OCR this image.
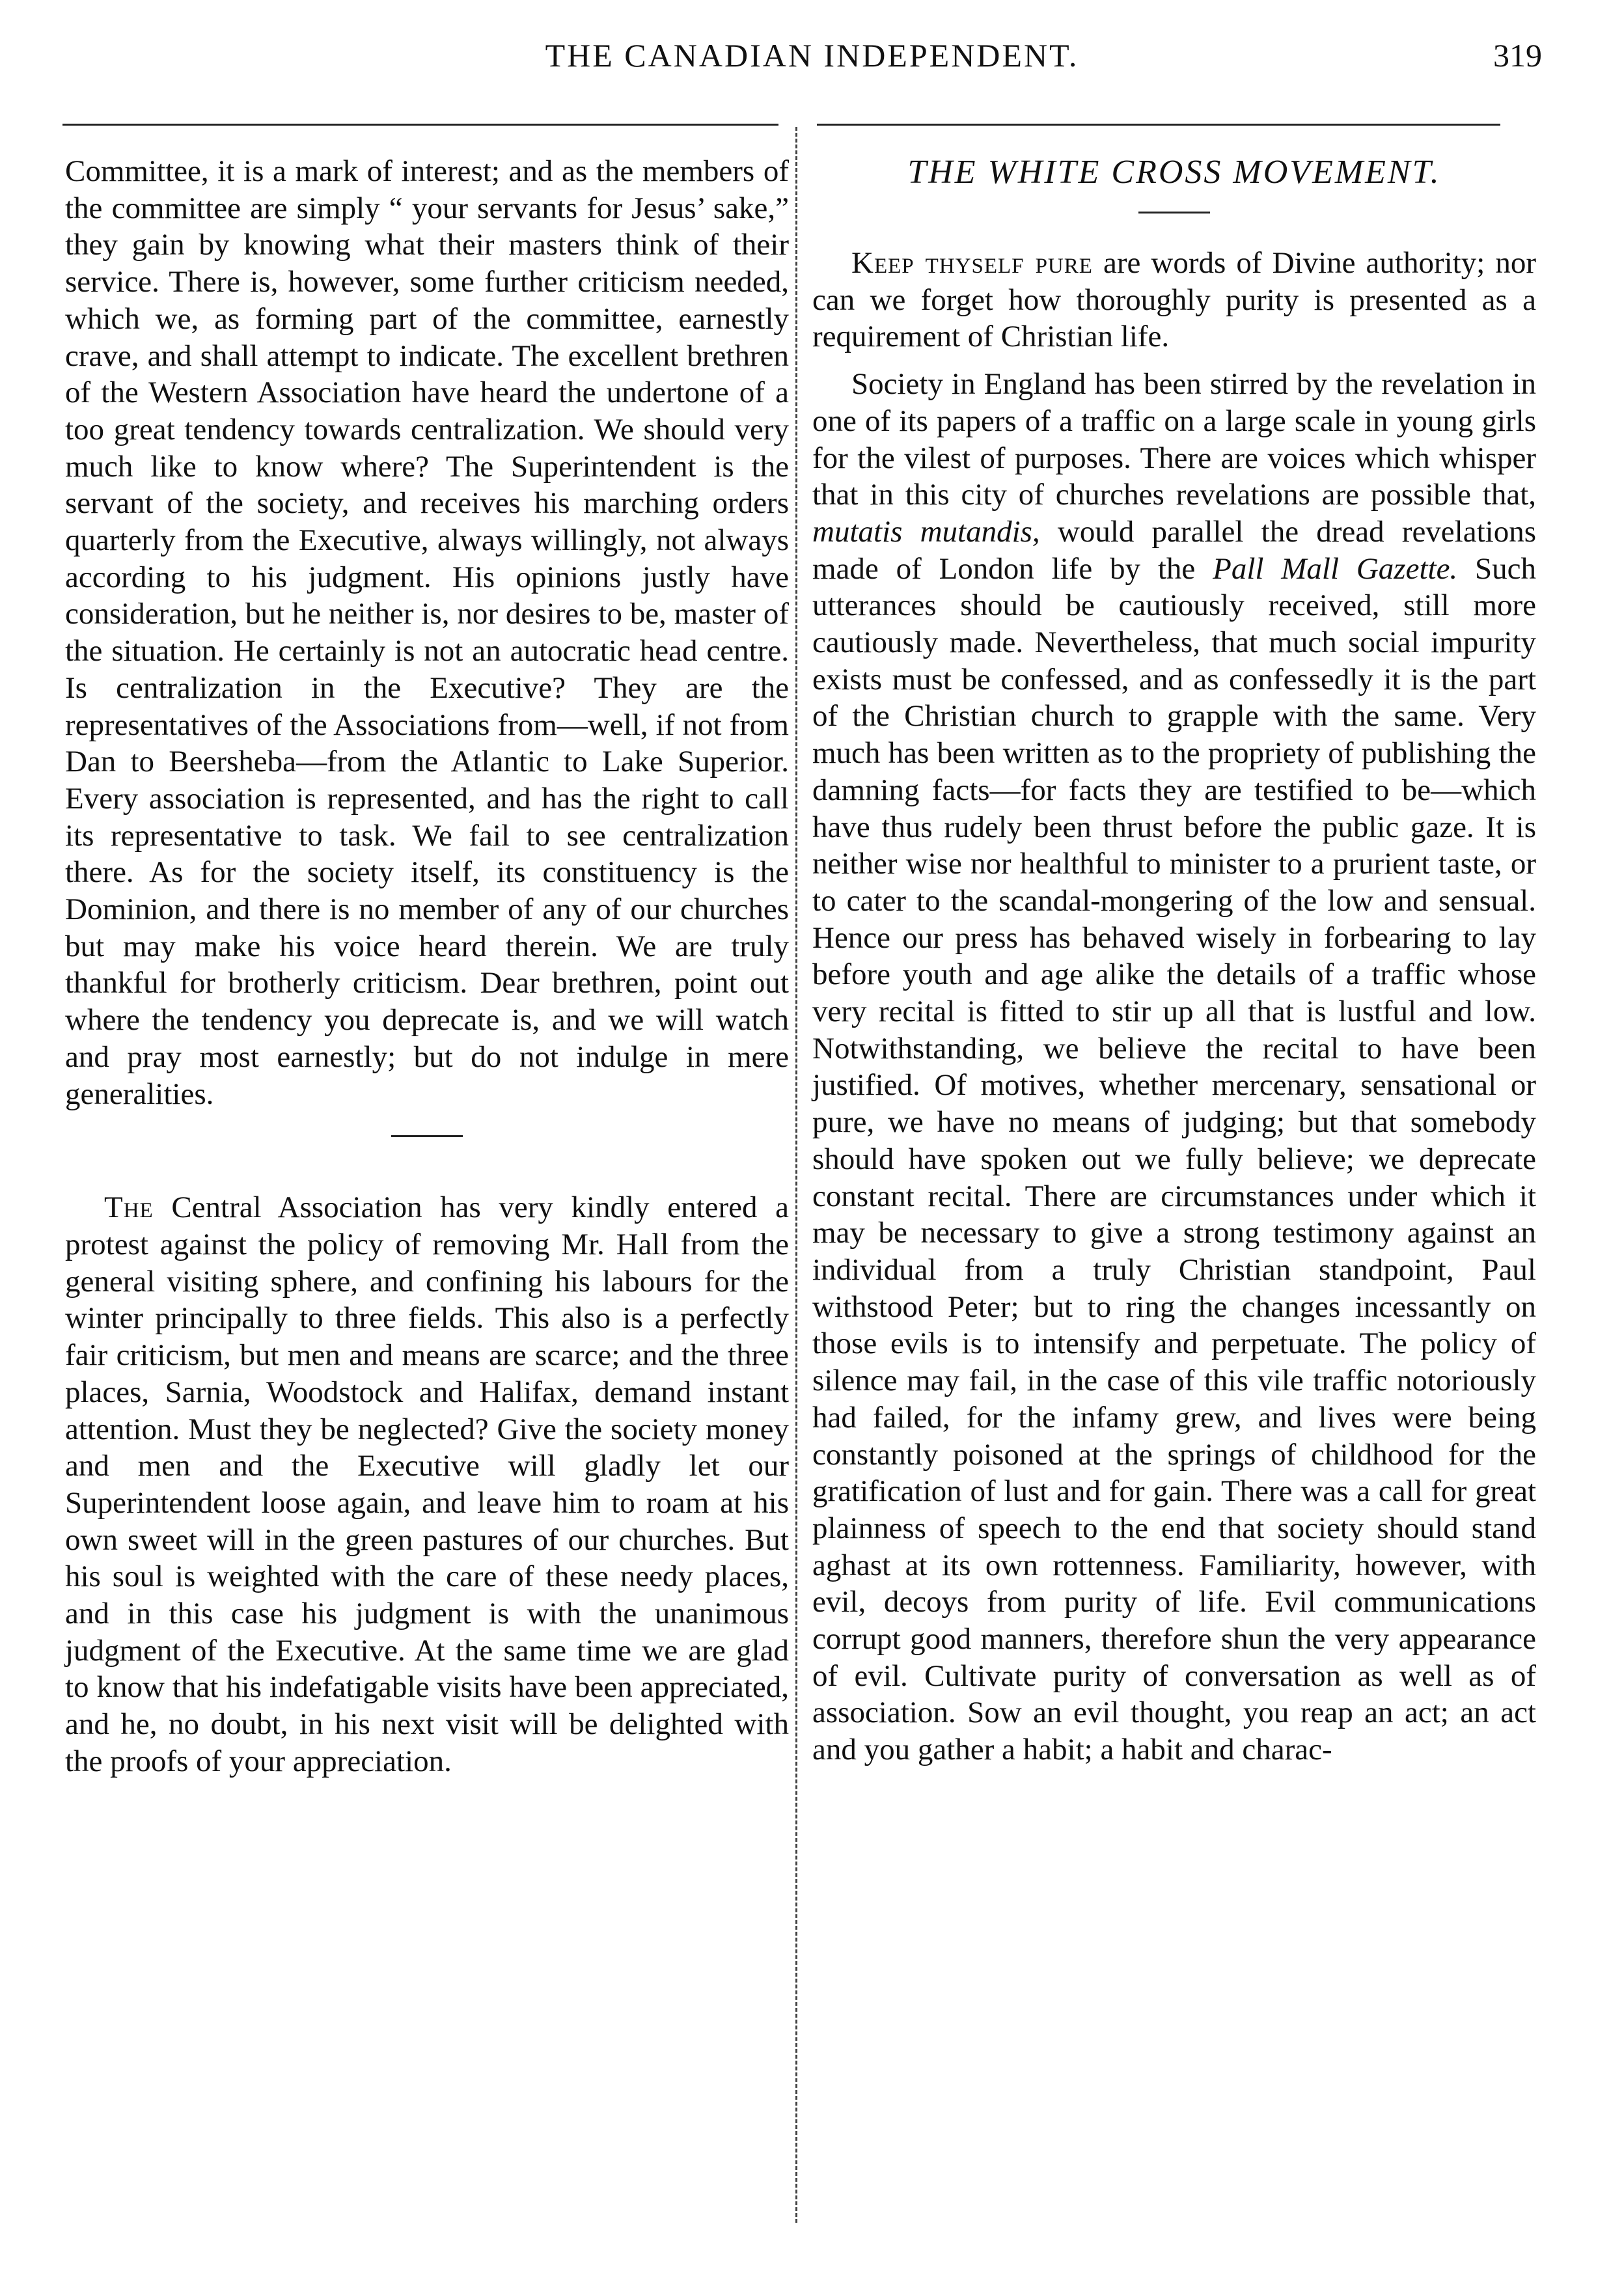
THE CANADIAN INDEPENDENT.	319

Committee, it is a mark of interest; and as the members of the committee are simply “ your servants for Jesus’ sake,” they gain by knowing what their masters think of their service. There is, however, some further criticism needed, which we, as forming part of the committee, earnestly crave, and shall attempt to indicate. The excellent brethren of the Western Association have heard the undertone of a too great tendency towards centralization. We should very much like to know where? The Superintendent is the servant of the society, and receives his marching orders quarterly from the Executive, always willingly, not always according to his judgment. His opinions justly have consideration, but he neither is, nor desires to be, master of the situation. He certainly is not an autocratic head centre. Is centralization in the Executive? They are the representatives of the Associations from—well, if not from Dan to Beersheba—from the Atlantic to Lake Superior. Every association is represented, and has the right to call its representative to task. We fail to see centralization there. As for the society itself, its constituency is the Dominion, and there is no member of any of our churches but may make his voice heard therein. We are truly thankful for brotherly criticism. Dear brethren, point out where the tendency you deprecate is, and we will watch and pray most earnestly; but do not indulge in mere generalities.

The Central Association has very kindly entered a protest against the policy of removing Mr. Hall from the general visiting sphere, and confining his labours for the winter principally to three fields. This also is a perfectly fair criticism, but men and means are scarce; and the three places, Sarnia, Woodstock and Halifax, demand instant attention. Must they be neglected? Give the society money and men and the Executive will gladly let our Superintendent loose again, and leave him to roam at his own sweet will in the green pastures of our churches. But his soul is weighted with the care of these needy places, and in this case his judgment is with the unanimous judgment of the Executive. At the same time we are glad to know that his indefatigable visits have been appreciated, and he, no doubt, in his next visit will be delighted with the proofs of your appreciation.

THE WHITE CROSS MOVEMENT.

Keep thyself pure are words of Divine authority; nor can we forget how thoroughly purity is presented as a requirement of Christian life.

Society in England has been stirred by the revelation in one of its papers of a traffic on a large scale in young girls for the vilest of purposes. There are voices which whisper that in this city of churches revelations are possible that, mutatis mutandis, would parallel the dread revelations made of London life by the Pall Mall Gazette. Such utterances should be cautiously received, still more cautiously made. Nevertheless, that much social impurity exists must be confessed, and as confessedly it is the part of the Christian church to grapple with the same. Very much has been written as to the propriety of publishing the damning facts—for facts they are testified to be—which have thus rudely been thrust before the public gaze. It is neither wise nor healthful to minister to a prurient taste, or to cater to the scandal-mongering of the low and sensual. Hence our press has behaved wisely in forbearing to lay before youth and age alike the details of a traffic whose very recital is fitted to stir up all that is lustful and low. Notwithstanding, we believe the recital to have been justified. Of motives, whether mercenary, sensational or pure, we have no means of judging; but that somebody should have spoken out we fully believe; we deprecate constant recital. There are circumstances under which it may be necessary to give a strong testimony against an individual from a truly Christian standpoint, Paul withstood Peter; but to ring the changes incessantly on those evils is to intensify and perpetuate. The policy of silence may fail, in the case of this vile traffic notoriously had failed, for the infamy grew, and lives were being constantly poisoned at the springs of childhood for the gratification of lust and for gain. There was a call for great plainness of speech to the end that society should stand aghast at its own rottenness. Familiarity, however, with evil, decoys from purity of life. Evil communications corrupt good manners, therefore shun the very appearance of evil. Cultivate purity of conversation as well as of association. Sow an evil thought, you reap an act; an act and you gather a habit; a habit and charac-
